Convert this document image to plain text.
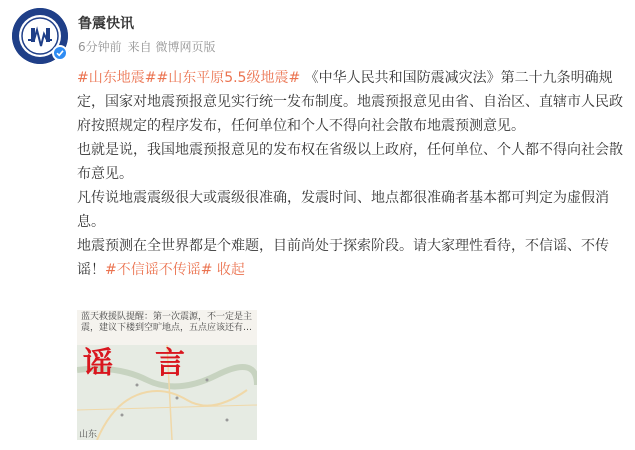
鲁震快讯
6分钟前 来自 微博网页版

#山东地震##山东平原5.5级地震# 《中华人民共和国防震减灾法》第二十九条明确规定，国家对地震预报意见实行统一发布制度。地震预报意见由省、自治区、直辖市人民政府按照规定的程序发布，任何单位和个人不得向社会散布地震预测意见。

也就是说，我国地震预报意见的发布权在省级以上政府，任何单位、个人都不得向社会散布意见。

凡传说地震震级很大或震级很准确，发震时间、地点都很准确者基本都可判定为虚假消息。

地震预测在全世界都是个难题，目前尚处于探索阶段。请大家理性看待，不信谣、不传谣！#不信谣不传谣# 收起

蓝天救援队提醒：第一次震源，不一定是主震，建议下楼到空旷地点，五点应该还有…
谣言
山东
